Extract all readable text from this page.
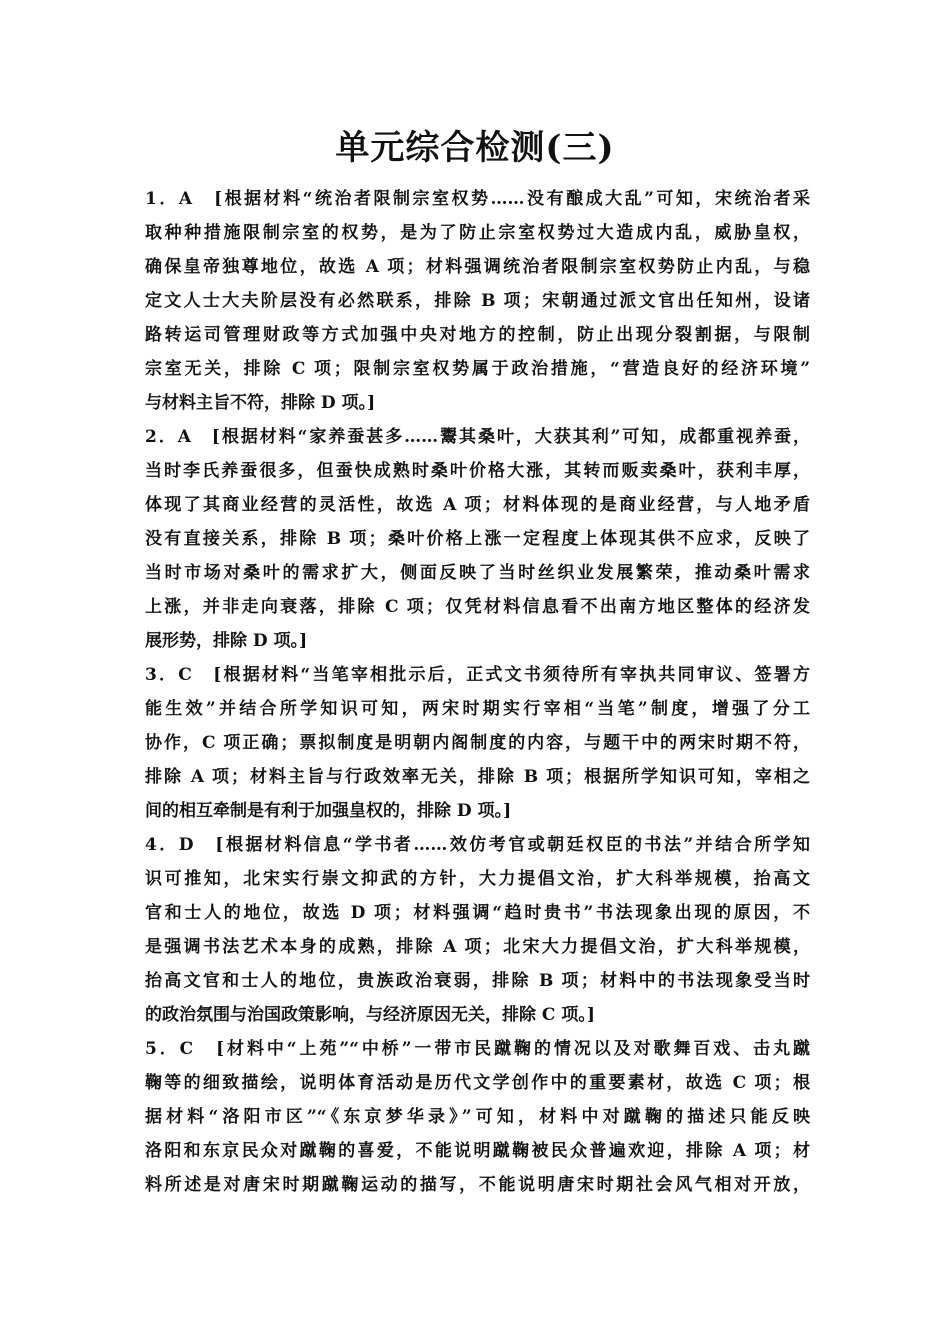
单元综合检测(三)
1．A　[根据材料“统治者限制宗室权势……没有酿成大乱”可知，宋统治者采
取种种措施限制宗室的权势，是为了防止宗室权势过大造成内乱，威胁皇权，
确保皇帝独尊地位，故选 A 项；材料强调统治者限制宗室权势防止内乱，与稳
定文人士大夫阶层没有必然联系，排除 B 项；宋朝通过派文官出任知州，设诸
路转运司管理财政等方式加强中央对地方的控制，防止出现分裂割据，与限制
宗室无关，排除 C 项；限制宗室权势属于政治措施，“营造良好的经济环境”
与材料主旨不符，排除 D 项。]
2．A　[根据材料“家养蚕甚多……鬻其桑叶，大获其利”可知，成都重视养蚕，
当时李氏养蚕很多，但蚕快成熟时桑叶价格大涨，其转而贩卖桑叶，获利丰厚，
体现了其商业经营的灵活性，故选 A 项；材料体现的是商业经营，与人地矛盾
没有直接关系，排除 B 项；桑叶价格上涨一定程度上体现其供不应求，反映了
当时市场对桑叶的需求扩大，侧面反映了当时丝织业发展繁荣，推动桑叶需求
上涨，并非走向衰落，排除 C 项；仅凭材料信息看不出南方地区整体的经济发
展形势，排除 D 项。]
3．C　[根据材料“当笔宰相批示后，正式文书须待所有宰执共同审议、签署方
能生效”并结合所学知识可知，两宋时期实行宰相“当笔”制度，增强了分工
协作，C 项正确；票拟制度是明朝内阁制度的内容，与题干中的两宋时期不符，
排除 A 项；材料主旨与行政效率无关，排除 B 项；根据所学知识可知，宰相之
间的相互牵制是有利于加强皇权的，排除 D 项。]
4．D　[根据材料信息“学书者……效仿考官或朝廷权臣的书法”并结合所学知
识可推知，北宋实行崇文抑武的方针，大力提倡文治，扩大科举规模，抬高文
官和士人的地位，故选 D 项；材料强调“趋时贵书”书法现象出现的原因，不
是强调书法艺术本身的成熟，排除 A 项；北宋大力提倡文治，扩大科举规模，
抬高文官和士人的地位，贵族政治衰弱，排除 B 项；材料中的书法现象受当时
的政治氛围与治国政策影响，与经济原因无关，排除 C 项。]
5．C　[材料中“上苑”“中桥”一带市民蹴鞠的情况以及对歌舞百戏、击丸蹴
鞠等的细致描绘，说明体育活动是历代文学创作中的重要素材，故选 C 项；根
据材料“洛阳市区”“《东京梦华录》”可知，材料中对蹴鞠的描述只能反映
洛阳和东京民众对蹴鞠的喜爱，不能说明蹴鞠被民众普遍欢迎，排除 A 项；材
料所述是对唐宋时期蹴鞠运动的描写，不能说明唐宋时期社会风气相对开放，
